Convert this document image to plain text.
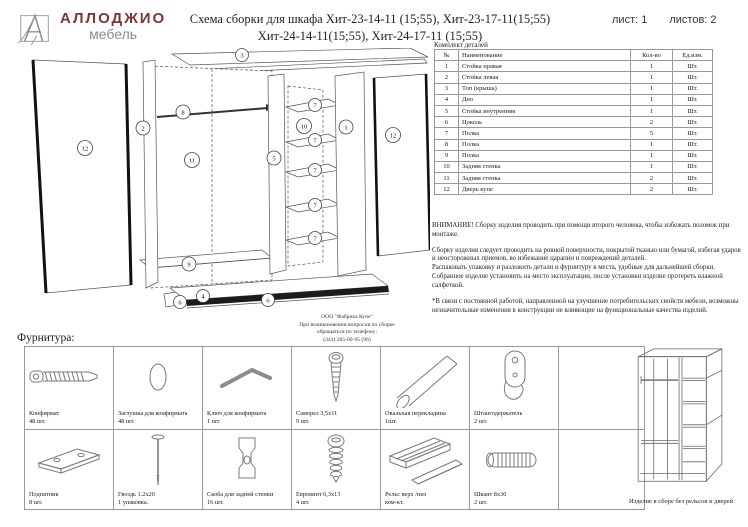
АЛЛОДЖИО
мебель
Схема сборки для шкафа Хит-23-14-11 (15;55), Хит-23-17-11(15;55)
Хит-24-14-11(15;55), Хит-24-17-11 (15;55)
лист: 1 листов: 2
Комплект деталей
№	Наименование	Кол-во	Ед.изм.
1	Стойка правая	1	Шт.
2	Стойка левая	1	Шт.
3	Топ (крыша)	1	Шт.
4	Дно	1	Шт.
5	Стойка внутренняя	1	Шт.
6	Цоколь	2	Шт.
7	Полка	5	Шт.
8	Полка	1	Шт.
9	Полка	1	Шт.
10	Задняя стенка	1	Шт.
11	Задняя стенка	2	Шт.
12	Дверь купе	2	Шт.

ВНИМАНИЕ! Сборку изделия проводить при помощи второго человека, чтобы избежать поломок при монтаже.

Сборку изделия следует проводить на ровной поверхности, покрытой тканью или бумагой, избегая ударов и неосторожных приемов, во избежание царапин и повреждений деталей.

Распаковать упаковку и разложить детали и фурнитуру в места, удобные для дальнейшей сборки.

Собранное изделие установить на место эксплуатации, после установки изделие протереть влажной салфеткой.

*В связи с постоянной работой, направленной на улучшение потребительских свойств мебели, возможны незначительные изменения в конструкции не влияющие на функциональные качества изделий.

12
2
8
11
9
3
5
10
7
7
7
7
7
1
12
6
4
6
ООО "Фабрика Купе"
При возникновении вопросов по сборке
обращаться по телефону:
(343) 285-00-95 (96)
Фурнитура:
Конфирмат
48 шт.
Заглушка для конфирмата
48 шт.
Ключ для конфирмата
1 шт.
Саморез 3,5х11
9 шт.
Овальная перекладина
1шт.
Штангодержатель
2 шт.
Подпятник
8 шт.
Гвоздь 1.2х20
1 упаковка.
Скоба для задней стенки
16 шт.
Евровинт 6,3х13
4 шт.
Рельс верх /низ
ком-кт.
Шкант 8х30
2 шт.	Изделие в сборе без рельсов и дверей
